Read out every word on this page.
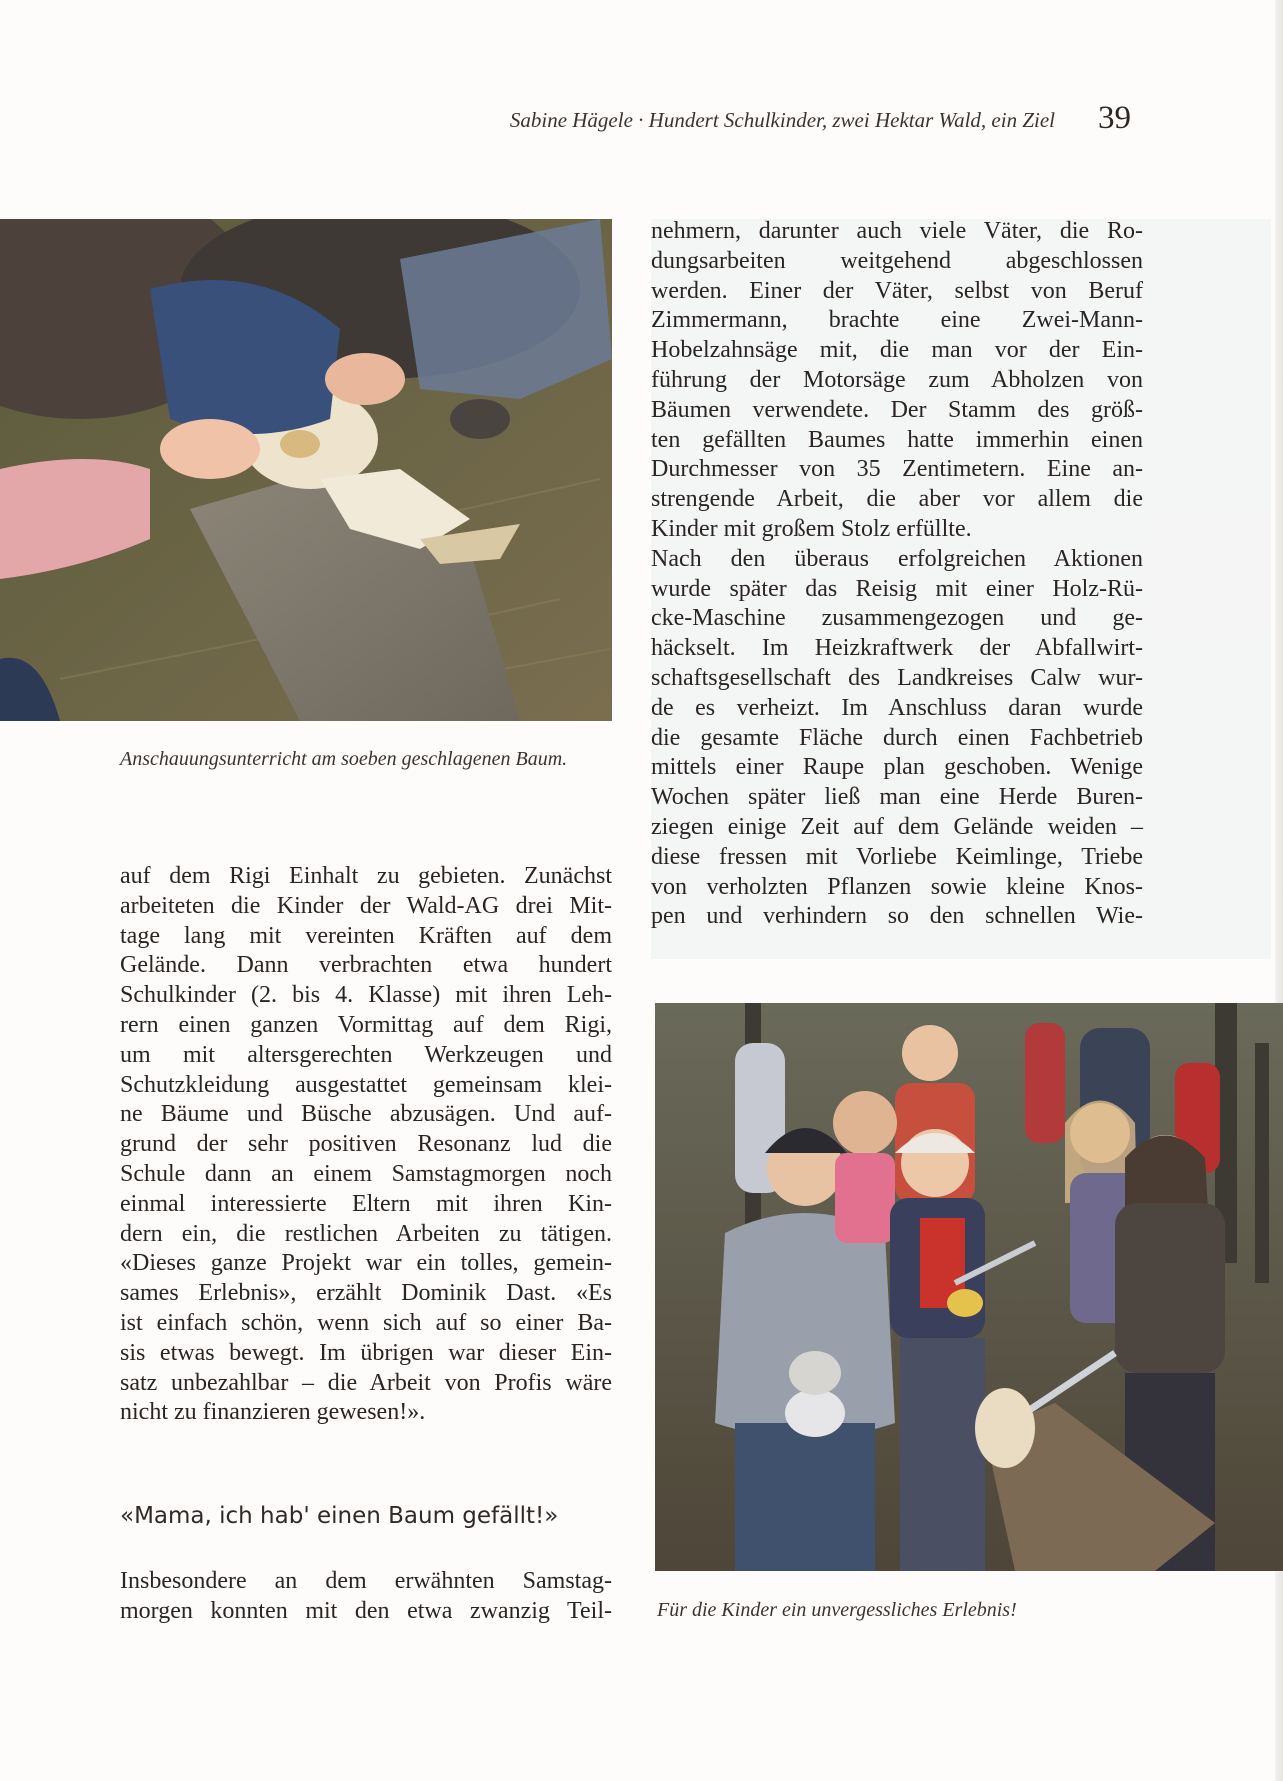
Sabine Hägele · Hundert Schulkinder, zwei Hektar Wald, ein Ziel 39
Anschauungsunterricht am soeben geschlagenen Baum.
nehmern, darunter auch viele Väter, die Ro-
dungsarbeiten weitgehend abgeschlossen
werden. Einer der Väter, selbst von Beruf
Zimmermann, brachte eine Zwei-Mann-
Hobelzahnsäge mit, die man vor der Ein-
führung der Motorsäge zum Abholzen von
Bäumen verwendete. Der Stamm des größ-
ten gefällten Baumes hatte immerhin einen
Durchmesser von 35 Zentimetern. Eine an-
strengende Arbeit, die aber vor allem die
Kinder mit großem Stolz erfüllte.
Nach den überaus erfolgreichen Aktionen
wurde später das Reisig mit einer Holz-Rü-
cke-Maschine zusammengezogen und ge-
häckselt. Im Heizkraftwerk der Abfallwirt-
schaftsgesellschaft des Landkreises Calw wur-
de es verheizt. Im Anschluss daran wurde
die gesamte Fläche durch einen Fachbetrieb
mittels einer Raupe plan geschoben. Wenige
Wochen später ließ man eine Herde Buren-
ziegen einige Zeit auf dem Gelände weiden –
diese fressen mit Vorliebe Keimlinge, Triebe
von verholzten Pflanzen sowie kleine Knos-
pen und verhindern so den schnellen Wie-
auf dem Rigi Einhalt zu gebieten. Zunächst
arbeiteten die Kinder der Wald-AG drei Mit-
tage lang mit vereinten Kräften auf dem
Gelände. Dann verbrachten etwa hundert
Schulkinder (2. bis 4. Klasse) mit ihren Leh-
rern einen ganzen Vormittag auf dem Rigi,
um mit altersgerechten Werkzeugen und
Schutzkleidung ausgestattet gemeinsam klei-
ne Bäume und Büsche abzusägen. Und auf-
grund der sehr positiven Resonanz lud die
Schule dann an einem Samstagmorgen noch
einmal interessierte Eltern mit ihren Kin-
dern ein, die restlichen Arbeiten zu tätigen.
«Dieses ganze Projekt war ein tolles, gemein-
sames Erlebnis», erzählt Dominik Dast. «Es
ist einfach schön, wenn sich auf so einer Ba-
sis etwas bewegt. Im übrigen war dieser Ein-
satz unbezahlbar – die Arbeit von Profis wäre
nicht zu finanzieren gewesen!».
«Mama, ich hab' einen Baum gefällt!»
Insbesondere an dem erwähnten Samstag-
morgen konnten mit den etwa zwanzig Teil- Für die Kinder ein unvergessliches Erlebnis!
